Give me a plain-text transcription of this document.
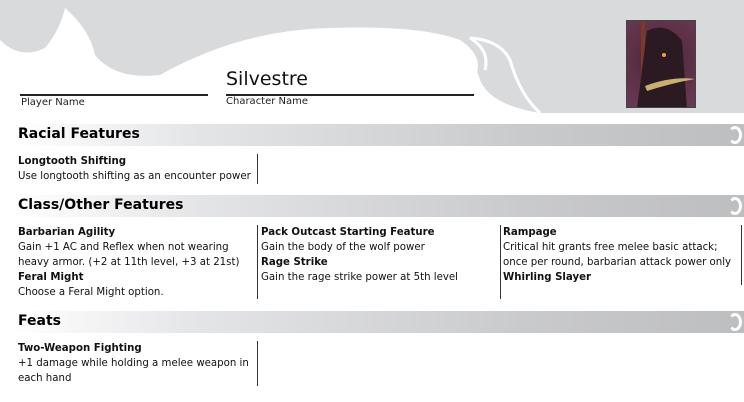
Player Name
Silvestre
Character Name
Racial Features
Longtooth Shifting
Use longtooth shifting as an encounter power
Class/Other Features
Barbarian Agility
Gain +1 AC and Reflex when not wearing heavy armor. (+2 at 11th level, +3 at 21st)
Feral Might
Choose a Feral Might option.
Pack Outcast Starting Feature
Gain the body of the wolf power
Rage Strike
Gain the rage strike power at 5th level
Rampage
Critical hit grants free melee basic attack; once per round, barbarian attack power only
Whirling Slayer
Feats
Two-Weapon Fighting
+1 damage while holding a melee weapon in each hand
